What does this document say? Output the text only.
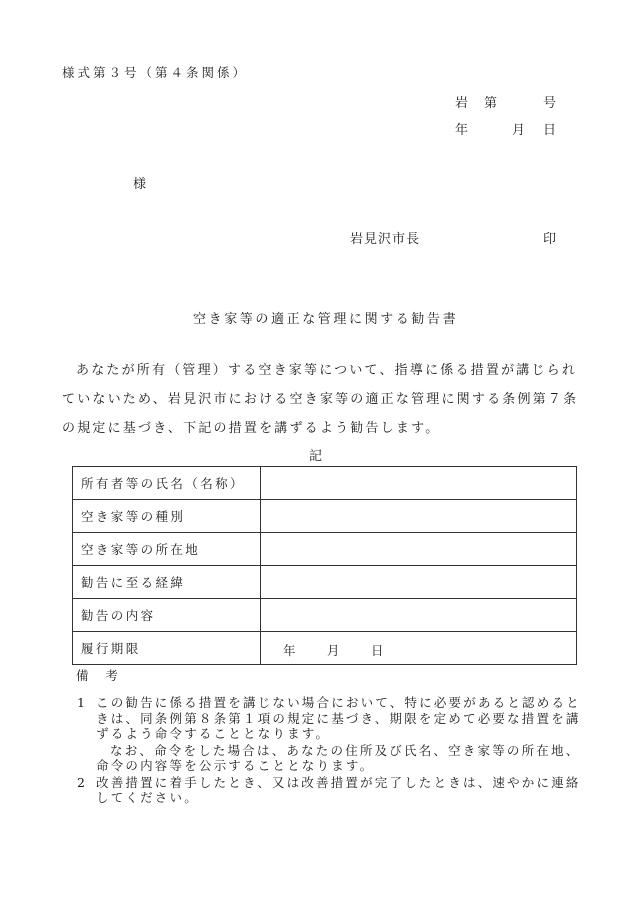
様式第３号（第４条関係）
岩 第	号
年	月 日
様
岩見沢市長	印
空き家等の適正な管理に関する勧告書
あなたが所有（管理）する空き家等について、指導に係る措置が講じられていないため、岩見沢市における空き家等の適正な管理に関する条例第７条の規定に基づき、下記の措置を講ずるよう勧告します。
記
所有者等の氏名（名称）	
空き家等の種別	
空き家等の所在地	
勧告に至る経緯	
勧告の内容	
履行期限	年 月 日
備　考
1 この勧告に係る措置を講じない場合において、特に必要があると認めるときは、同条例第８条第１項の規定に基づき、期限を定めて必要な措置を講ずるよう命令することとなります。
なお、命令をした場合は、あなたの住所及び氏名、空き家等の所在地、命令の内容等を公示することとなります。
2 改善措置に着手したとき、又は改善措置が完了したときは、速やかに連絡してください。
